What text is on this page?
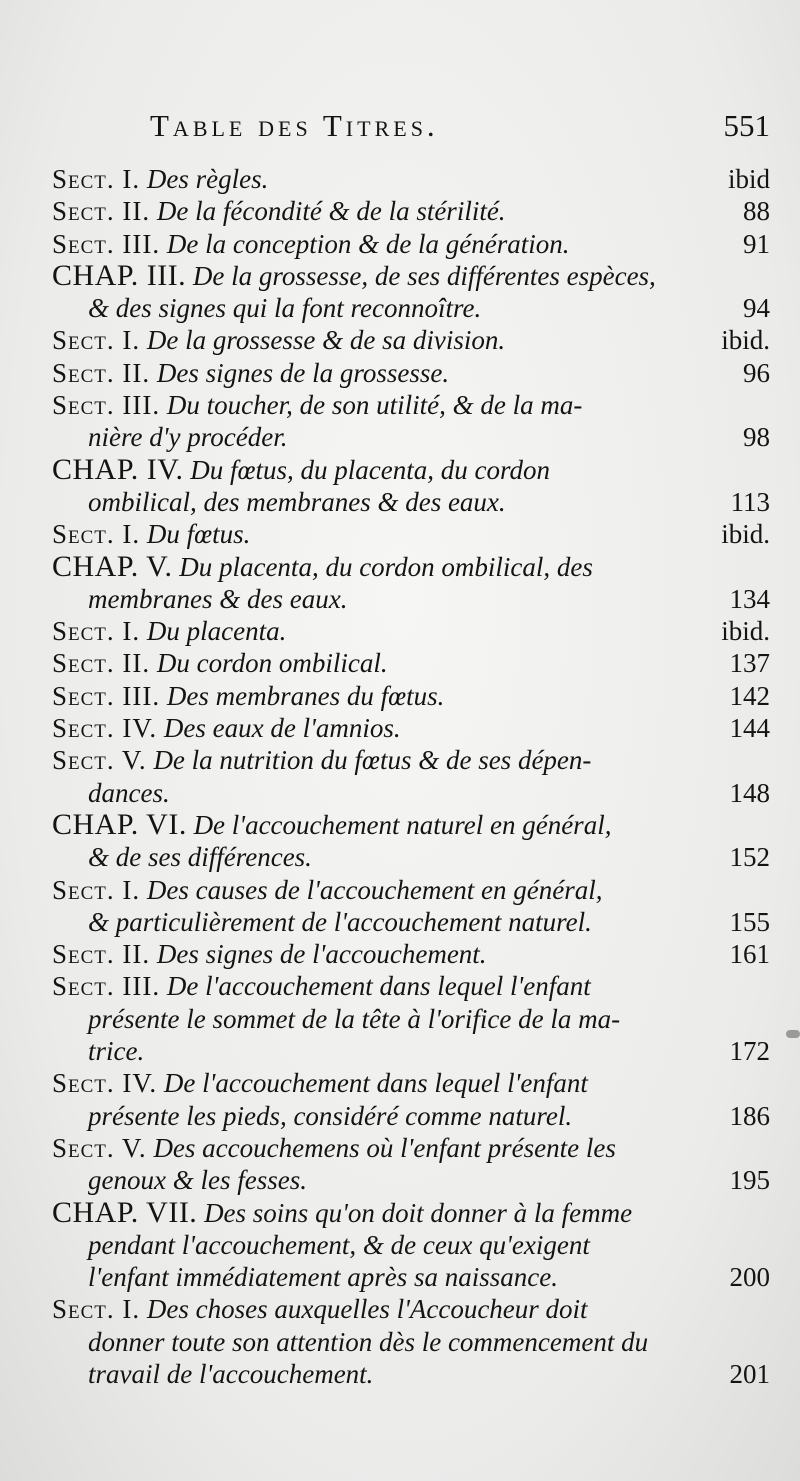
Table des Titres.	551
Sect. I. Des règles.	ibid
Sect. II. De la fécondité & de la stérilité.	88
Sect. III. De la conception & de la génération.	91
CHAP. III. De la grossesse, de ses différentes espèces,
& des signes qui la font reconnoître.	94
Sect. I. De la grossesse & de sa division.	ibid.
Sect. II. Des signes de la grossesse.	96
Sect. III. Du toucher, de son utilité, & de la ma-
nière d'y procéder.	98
CHAP. IV. Du fœtus, du placenta, du cordon
ombilical, des membranes & des eaux.	113
Sect. I. Du fœtus.	ibid.
CHAP. V. Du placenta, du cordon ombilical, des
membranes & des eaux.	134
Sect. I. Du placenta.	ibid.
Sect. II. Du cordon ombilical.	137
Sect. III. Des membranes du fœtus.	142
Sect. IV. Des eaux de l'amnios.	144
Sect. V. De la nutrition du fœtus & de ses dépen-
dances.	148
CHAP. VI. De l'accouchement naturel en général,
& de ses différences.	152
Sect. I. Des causes de l'accouchement en général,
& particulièrement de l'accouchement naturel.	155
Sect. II. Des signes de l'accouchement.	161
Sect. III. De l'accouchement dans lequel l'enfant
présente le sommet de la tête à l'orifice de la ma-
trice.	172
Sect. IV. De l'accouchement dans lequel l'enfant
présente les pieds, considéré comme naturel.	186
Sect. V. Des accouchemens où l'enfant présente les
genoux & les fesses.	195
CHAP. VII. Des soins qu'on doit donner à la femme
pendant l'accouchement, & de ceux qu'exigent
l'enfant immédiatement après sa naissance.	200
Sect. I. Des choses auxquelles l'Accoucheur doit
donner toute son attention dès le commencement du
travail de l'accouchement.	201
